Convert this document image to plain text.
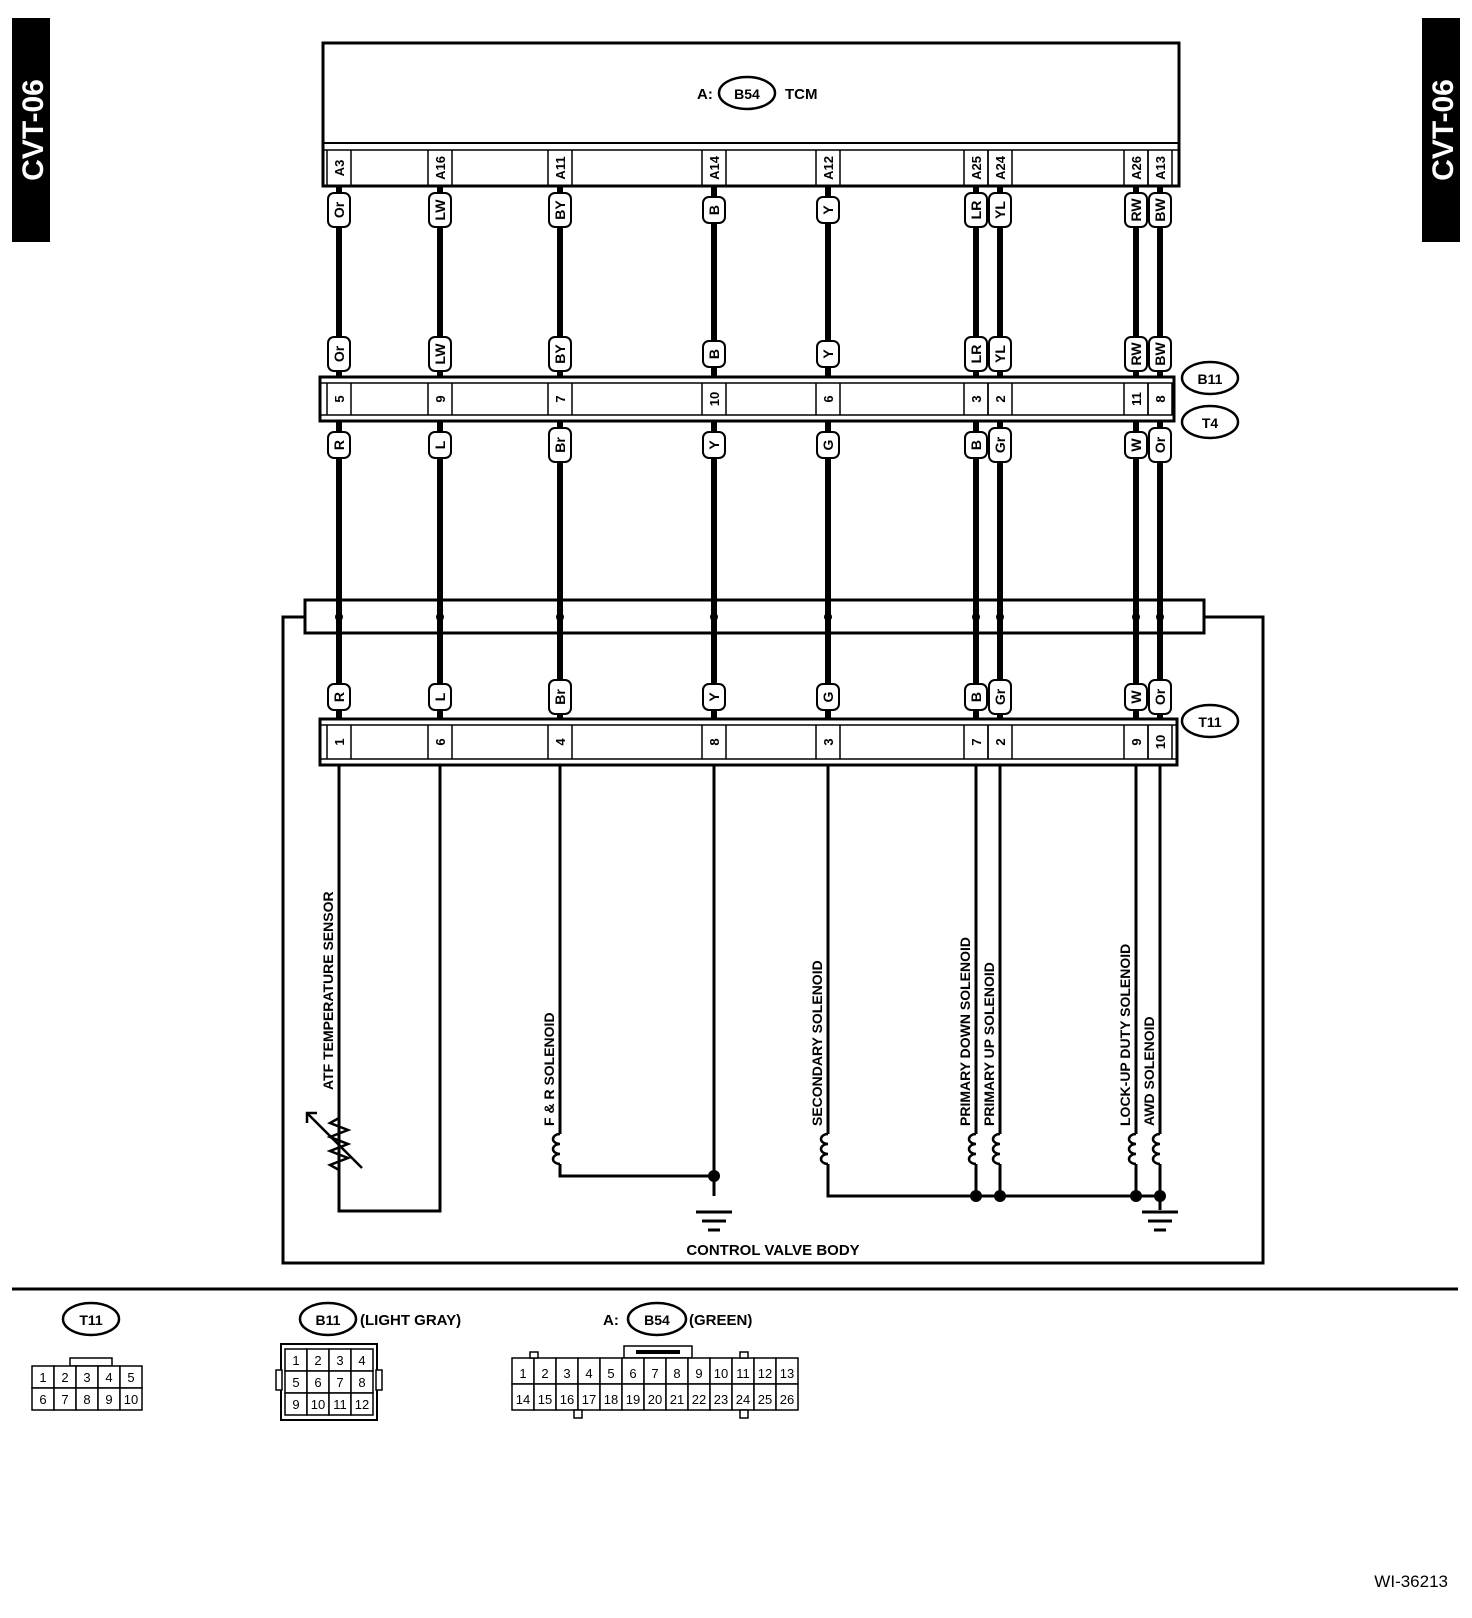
CVT-06	CVT-06
A: B54 TCM
B11
T4
CONTROL VALVE BODY
T11
A3
Or
Or
5
R
R
1
A16
LW
LW
9
L
L
6
A11
BY
BY
7
Br
Br
4
A14
B
B
10
Y
Y
8
A12
Y
Y
6
G
G
3
A25
LR
LR
3
B
B
7
A24
YL
YL
2
Gr
Gr
2
A26
RW
RW
11
W
W
9
A13
BW
BW
8
Or
Or
10
ATF TEMPERATURE SENSOR	F & R SOLENOID	SECONDARY SOLENOID	PRIMARY DOWN SOLENOID PRIMARY UP SOLENOID	LOCK-UP DUTY SOLENOID AWD SOLENOID
T11
1 2 3 4 5
6 7 8 9 10
B11 (LIGHT GRAY)
1 2 3 4
5 6 7 8
9 10 11 12
A: B54 (GREEN)
1 2 3 4 5 6 7 8 9 10 11 12 13
14 15 16 17 18 19 20 21 22 23 24 25 26
WI-36213
